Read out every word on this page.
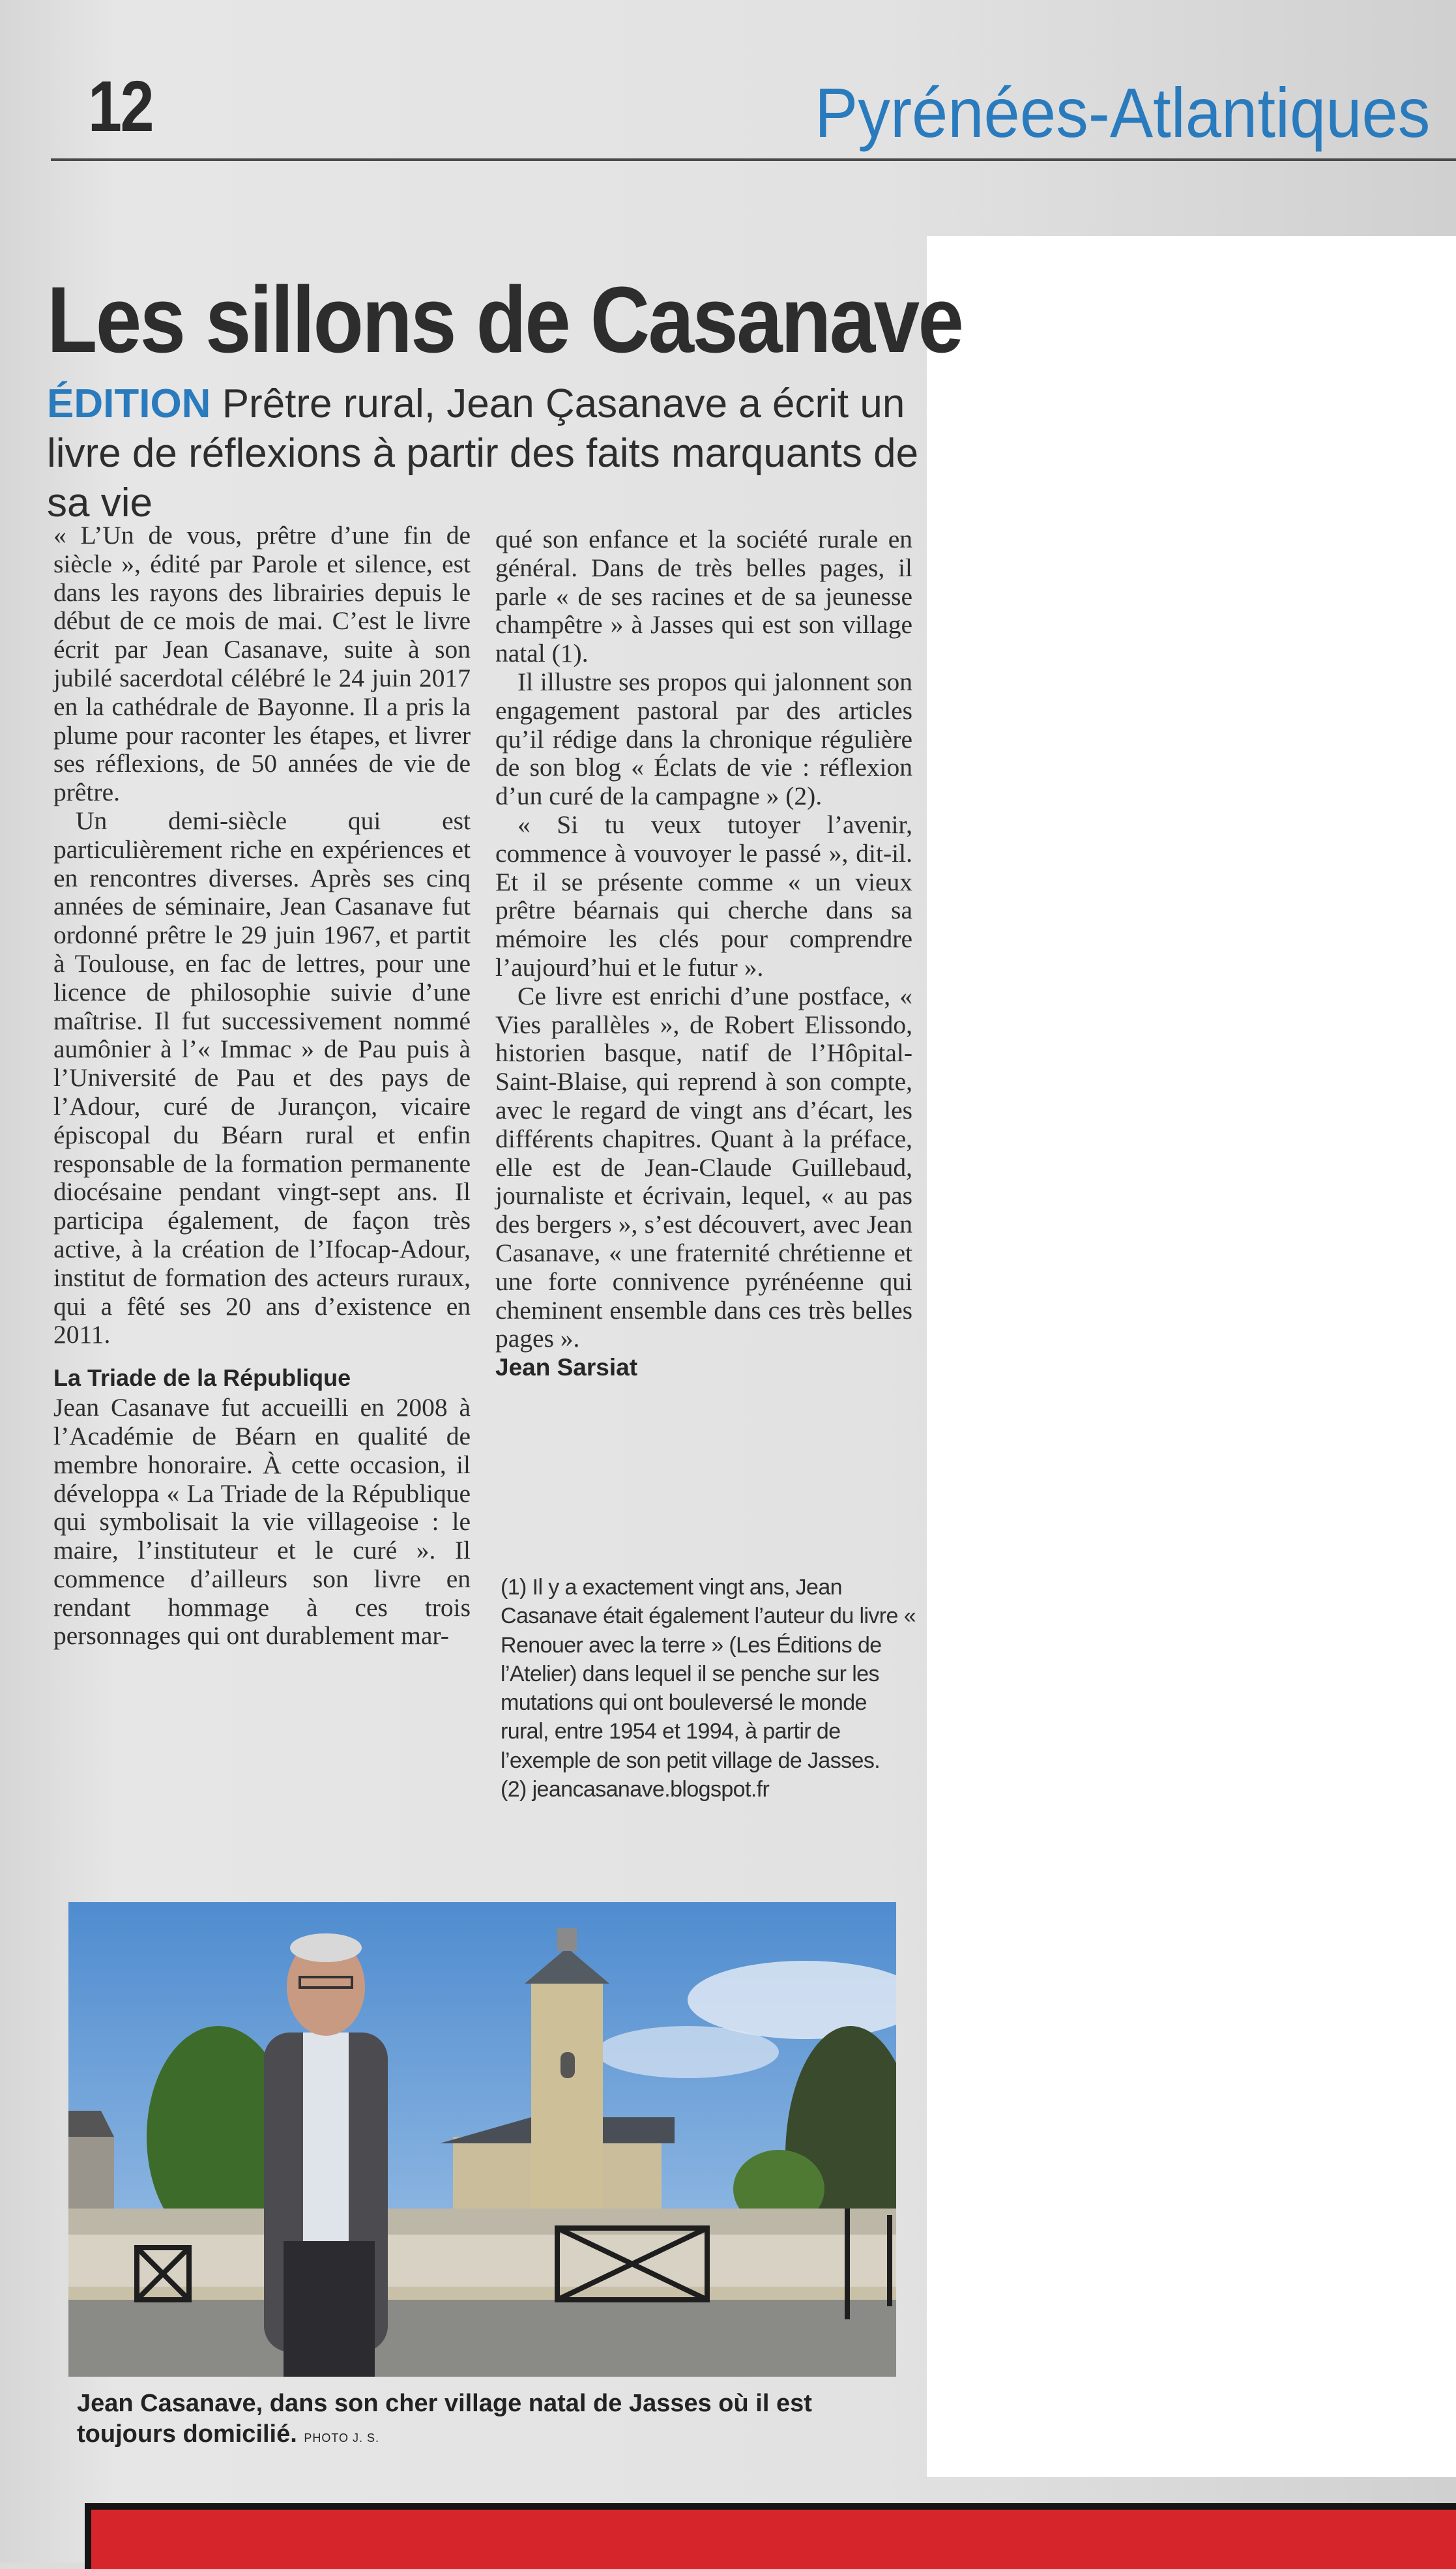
12	Pyrénées-Atlantiques
Les sillons de Casanave
ÉDITION Prêtre rural, Jean Çasanave a écrit un livre de réflexions à partir des faits marquants de sa vie

« L’Un de vous, prêtre d’une fin de siècle », édité par Parole et silence, est dans les rayons des librairies depuis le début de ce mois de mai. C’est le livre écrit par Jean Casanave, suite à son jubilé sacerdotal célébré le 24 juin 2017 en la cathédrale de Bayonne. Il a pris la plume pour raconter les étapes, et livrer ses réflexions, de 50 années de vie de prêtre.

Un demi-siècle qui est particulièrement riche en expériences et en rencontres diverses. Après ses cinq années de séminaire, Jean Casanave fut ordonné prêtre le 29 juin 1967, et partit à Toulouse, en fac de lettres, pour une licence de philosophie suivie d’une maîtrise. Il fut successivement nommé aumônier à l’« Immac » de Pau puis à l’Université de Pau et des pays de l’Adour, curé de Jurançon, vicaire épiscopal du Béarn rural et enfin responsable de la formation permanente diocésaine pendant vingt-sept ans. Il participa également, de façon très active, à la création de l’Ifocap-Adour, institut de formation des acteurs ruraux, qui a fêté ses 20 ans d’existence en 2011.

La Triade de la République

Jean Casanave fut accueilli en 2008 à l’Académie de Béarn en qualité de membre honoraire. À cette occasion, il développa « La Triade de la République qui symbolisait la vie villageoise : le maire, l’instituteur et le curé ». Il commence d’ailleurs son livre en rendant hommage à ces trois personnages qui ont durablement mar-

qué son enfance et la société rurale en général. Dans de très belles pages, il parle « de ses racines et de sa jeunesse champêtre » à Jasses qui est son village natal (1).

Il illustre ses propos qui jalonnent son engagement pastoral par des articles qu’il rédige dans la chronique régulière de son blog « Éclats de vie : réflexion d’un curé de la campagne » (2).

« Si tu veux tutoyer l’avenir, commence à vouvoyer le passé », dit-il. Et il se présente comme « un vieux prêtre béarnais qui cherche dans sa mémoire les clés pour comprendre l’aujourd’hui et le futur ».

Ce livre est enrichi d’une postface, « Vies parallèles », de Robert Elissondo, historien basque, natif de l’Hôpital-Saint-Blaise, qui reprend à son compte, avec le regard de vingt ans d’écart, les différents chapitres. Quant à la préface, elle est de Jean-Claude Guillebaud, journaliste et écrivain, lequel, « au pas des bergers », s’est découvert, avec Jean Casanave, « une fraternité chrétienne et une forte connivence pyrénéenne qui cheminent ensemble dans ces très belles pages ».

Jean Sarsiat

(1) Il y a exactement vingt ans, Jean Casanave était également l’auteur du livre « Renouer avec la terre » (Les Éditions de l’Atelier) dans lequel il se penche sur les mutations qui ont bouleversé le monde rural, entre 1954 et 1994, à partir de l’exemple de son petit village de Jasses.

(2) jeancasanave.blogspot.fr

Jean Casanave, dans son cher village natal de Jasses où il est toujours domicilié. PHOTO J. S.
